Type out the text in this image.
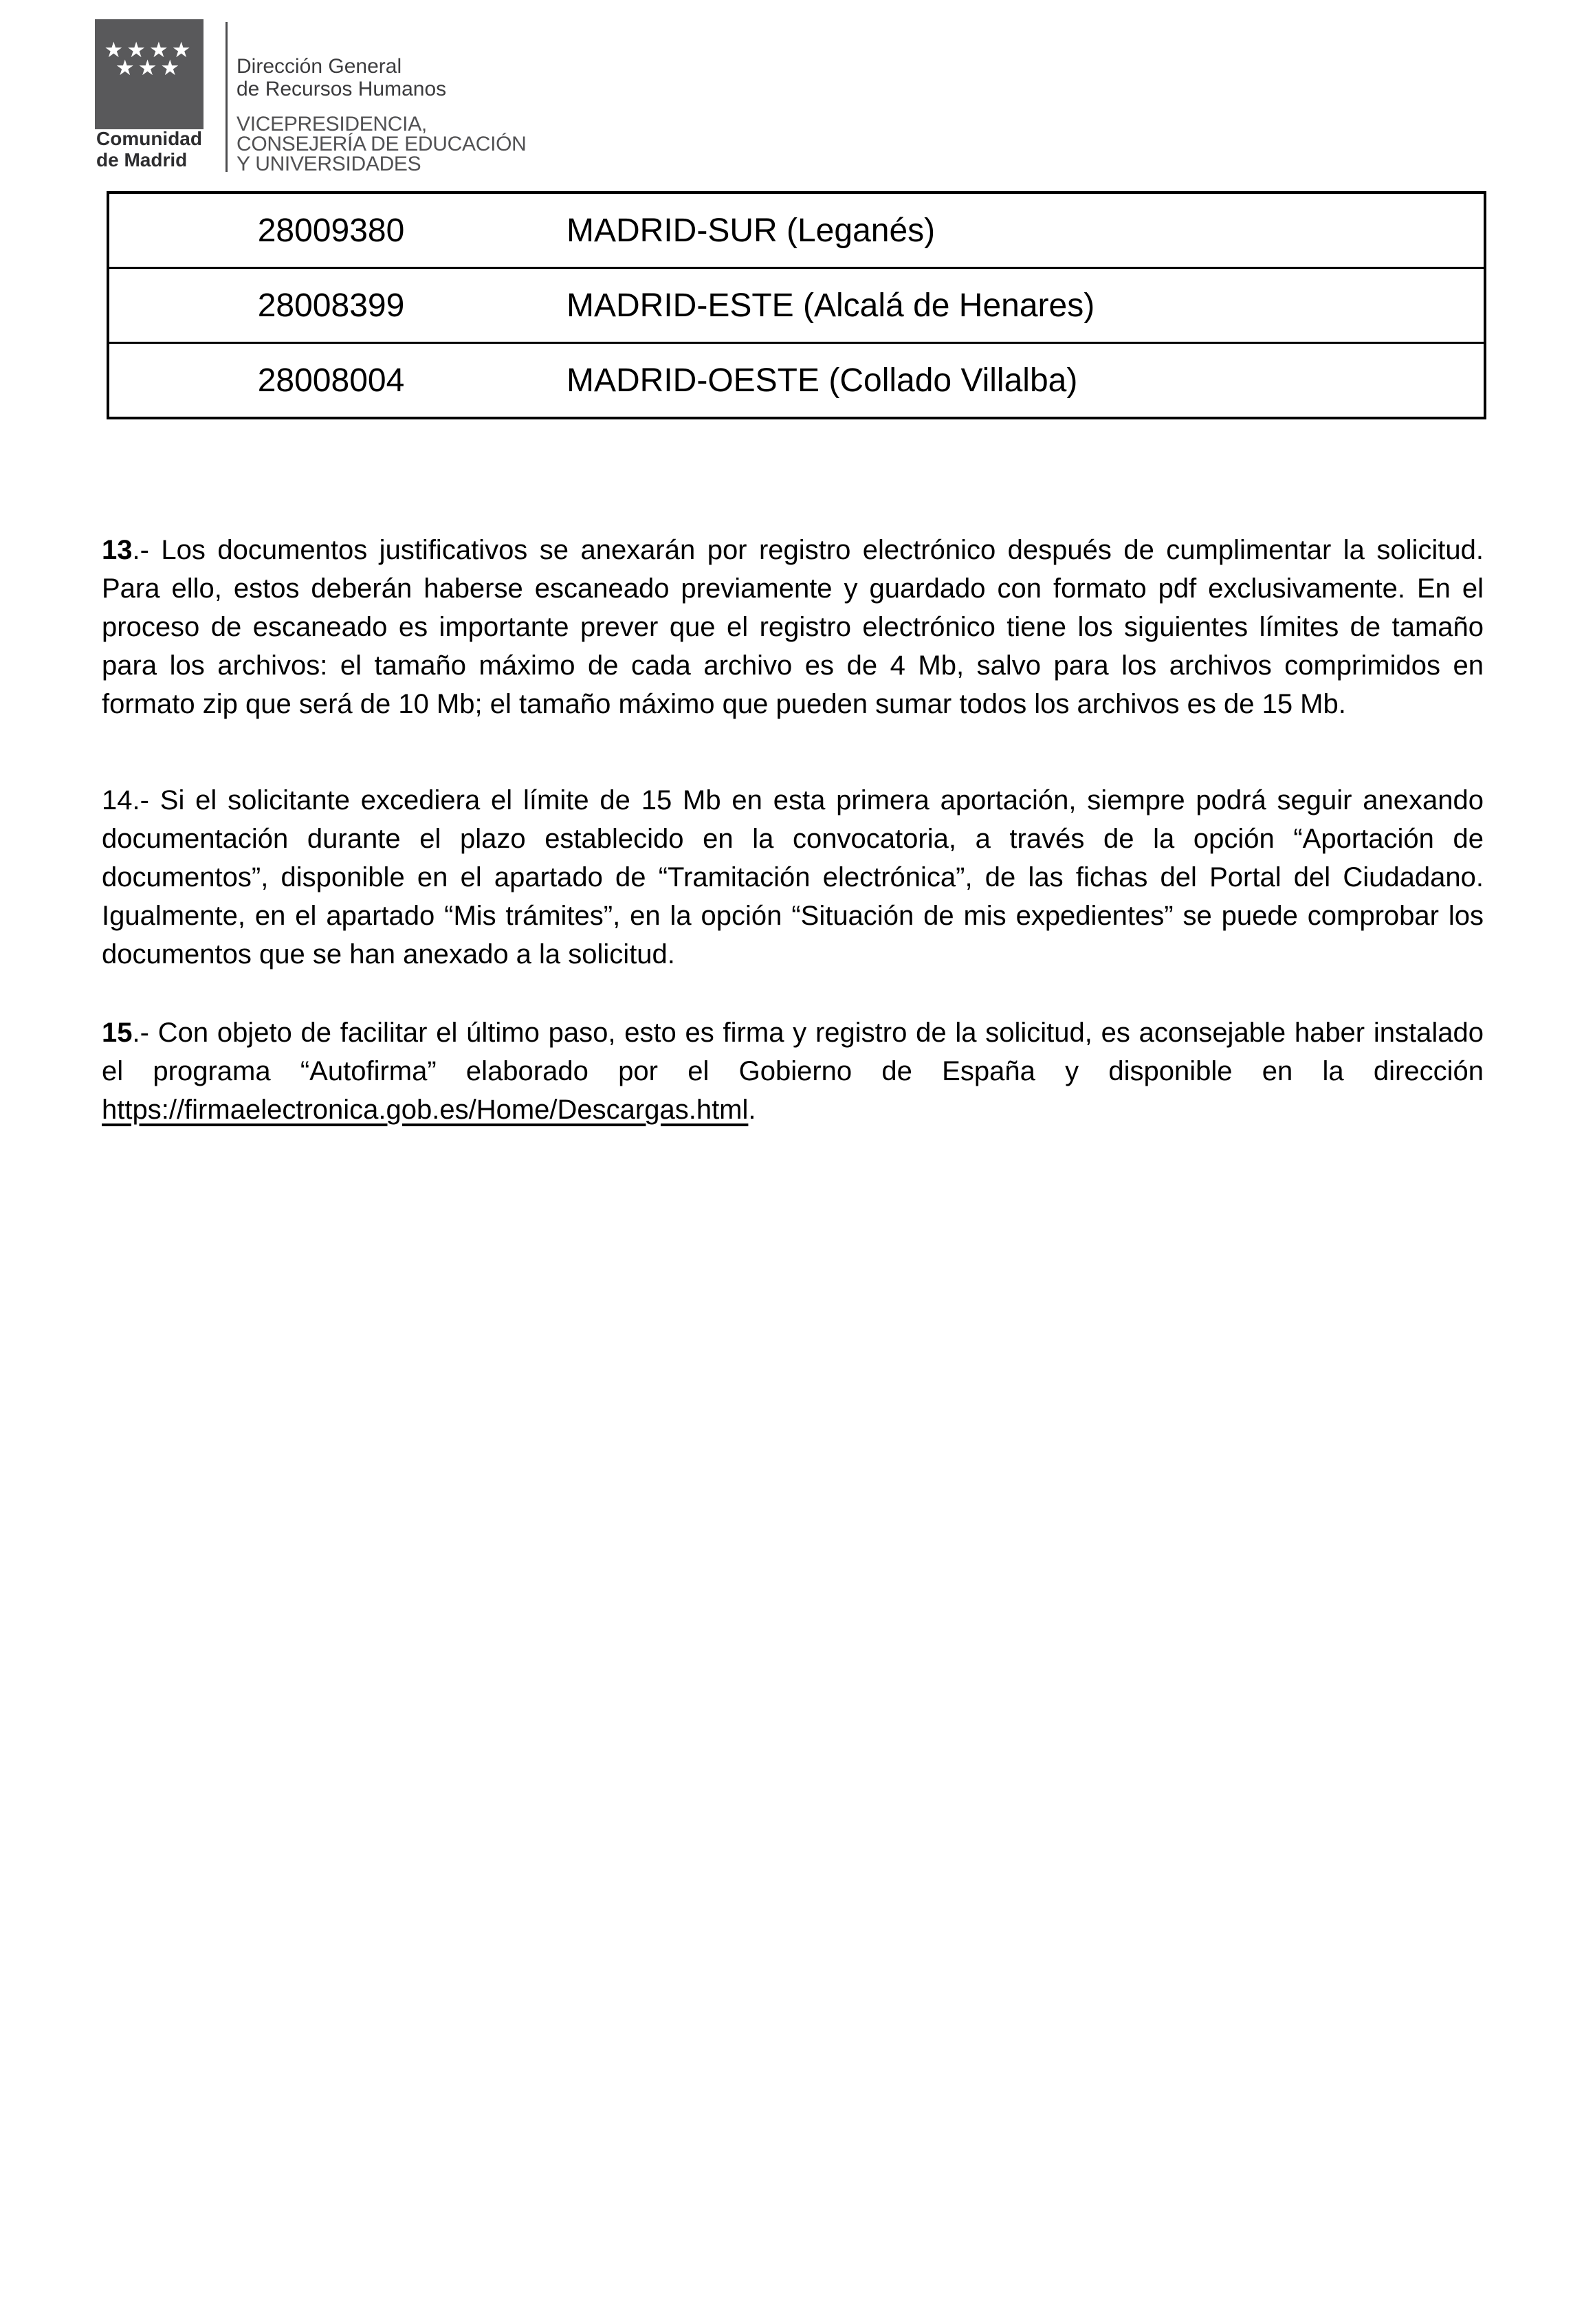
★★★★
★★★
Comunidad
de Madrid
Dirección General
de Recursos Humanos
VICEPRESIDENCIA,
CONSEJERÍA DE EDUCACIÓN
Y UNIVERSIDADES
28009380	MADRID-SUR (Leganés)
28008399	MADRID-ESTE (Alcalá de Henares)
28008004	MADRID-OESTE (Collado Villalba)

13.- Los documentos justificativos se anexarán por registro electrónico después de cumplimentar la solicitud. Para ello, estos deberán haberse escaneado previamente y guardado con formato pdf exclusivamente. En el proceso de escaneado es importante prever que el registro electrónico tiene los siguientes límites de tamaño para los archivos: el tamaño máximo de cada archivo es de 4 Mb, salvo para los archivos comprimidos en formato zip que será de 10 Mb; el tamaño máximo que pueden sumar todos los archivos es de 15 Mb.

14.- Si el solicitante excediera el límite de 15 Mb en esta primera aportación, siempre podrá seguir anexando documentación durante el plazo establecido en la convocatoria, a través de la opción “Aportación de documentos”, disponible en el apartado de “Tramitación electrónica”, de las fichas del Portal del Ciudadano. Igualmente, en el apartado “Mis trámites”, en la opción “Situación de mis expedientes” se puede comprobar los documentos que se han anexado a la solicitud.

15.- Con objeto de facilitar el último paso, esto es firma y registro de la solicitud, es aconsejable haber instalado el programa “Autofirma” elaborado por el Gobierno de España y disponible en la dirección https://firmaelectronica.gob.es/Home/Descargas.html.
